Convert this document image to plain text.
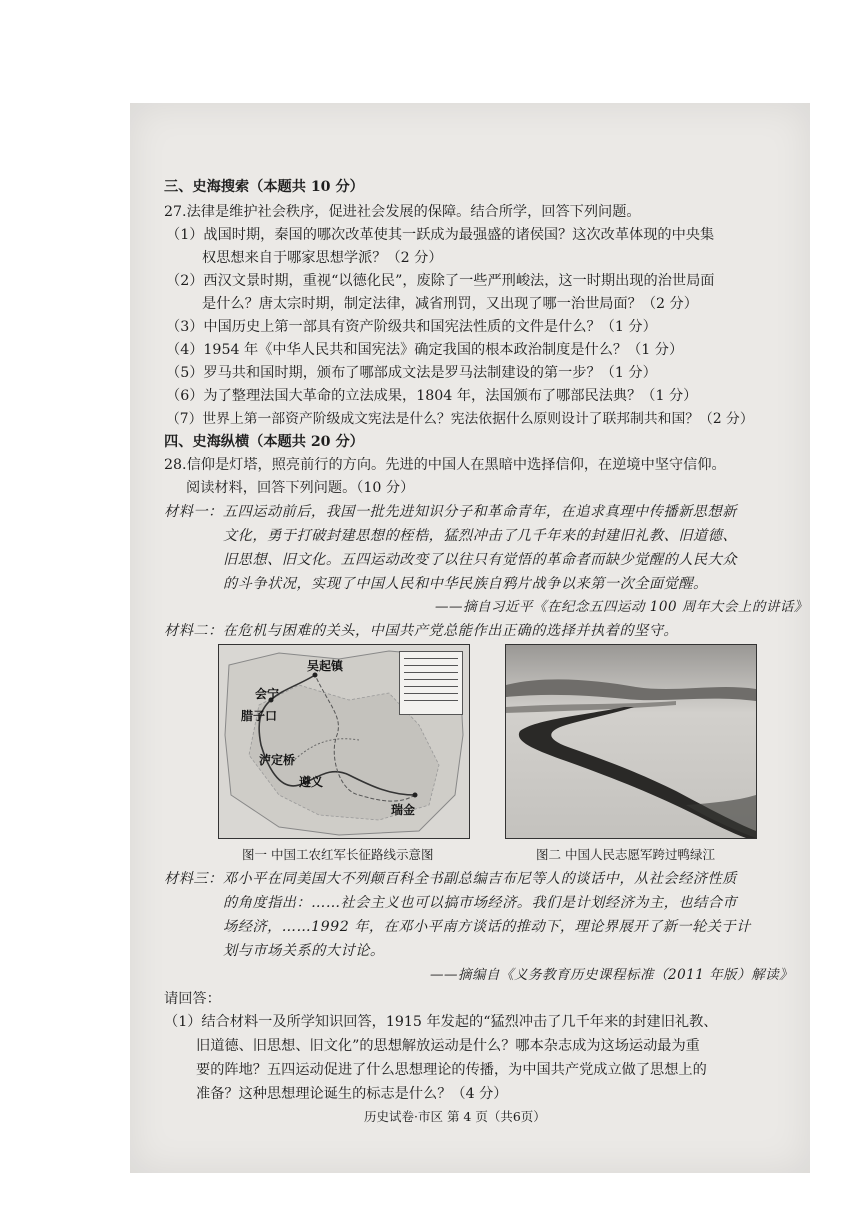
三、史海搜索（本题共 10 分）
27.法律是维护社会秩序，促进社会发展的保障。结合所学，回答下列问题。
（1）战国时期，秦国的哪次改革使其一跃成为最强盛的诸侯国？这次改革体现的中央集
权思想来自于哪家思想学派？（2 分）
（2）西汉文景时期，重视“以德化民”，废除了一些严刑峻法，这一时期出现的治世局面
是什么？唐太宗时期，制定法律，减省刑罚，又出现了哪一治世局面？（2 分）
（3）中国历史上第一部具有资产阶级共和国宪法性质的文件是什么？（1 分）
（4）1954 年《中华人民共和国宪法》确定我国的根本政治制度是什么？（1 分）
（5）罗马共和国时期，颁布了哪部成文法是罗马法制建设的第一步？（1 分）
（6）为了整理法国大革命的立法成果，1804 年，法国颁布了哪部民法典？（1 分）
（7）世界上第一部资产阶级成文宪法是什么？宪法依据什么原则设计了联邦制共和国？（2 分）
四、史海纵横（本题共 20 分）
28.信仰是灯塔，照亮前行的方向。先进的中国人在黑暗中选择信仰，在逆境中坚守信仰。
阅读材料，回答下列问题。（10 分）
材料一：五四运动前后，我国一批先进知识分子和革命青年，在追求真理中传播新思想新
文化，勇于打破封建思想的桎梏，猛烈冲击了几千年来的封建旧礼教、旧道德、
旧思想、旧文化。五四运动改变了以往只有觉悟的革命者而缺少觉醒的人民大众
的斗争状况，实现了中国人民和中华民族自鸦片战争以来第一次全面觉醒。
——摘自习近平《在纪念五四运动 100 周年大会上的讲话》
材料二：在危机与困难的关头，中国共产党总能作出正确的选择并执着的坚守。
吴起镇
会宁
腊子口
泸定桥
遵义
瑞金
图一 中国工农红军长征路线示意图	图二 中国人民志愿军跨过鸭绿江
材料三：邓小平在同美国大不列颠百科全书副总编吉布尼等人的谈话中，从社会经济性质
的角度指出：……社会主义也可以搞市场经济。我们是计划经济为主，也结合市
场经济，……1992 年，在邓小平南方谈话的推动下，理论界展开了新一轮关于计
划与市场关系的大讨论。
——摘编自《义务教育历史课程标准（2011 年版）解读》
请回答：
（1）结合材料一及所学知识回答，1915 年发起的“猛烈冲击了几千年来的封建旧礼教、
旧道德、旧思想、旧文化”的思想解放运动是什么？哪本杂志成为这场运动最为重
要的阵地？五四运动促进了什么思想理论的传播，为中国共产党成立做了思想上的
准备？这种思想理论诞生的标志是什么？（4 分）
历史试卷·市区 第 4 页（共6页）
